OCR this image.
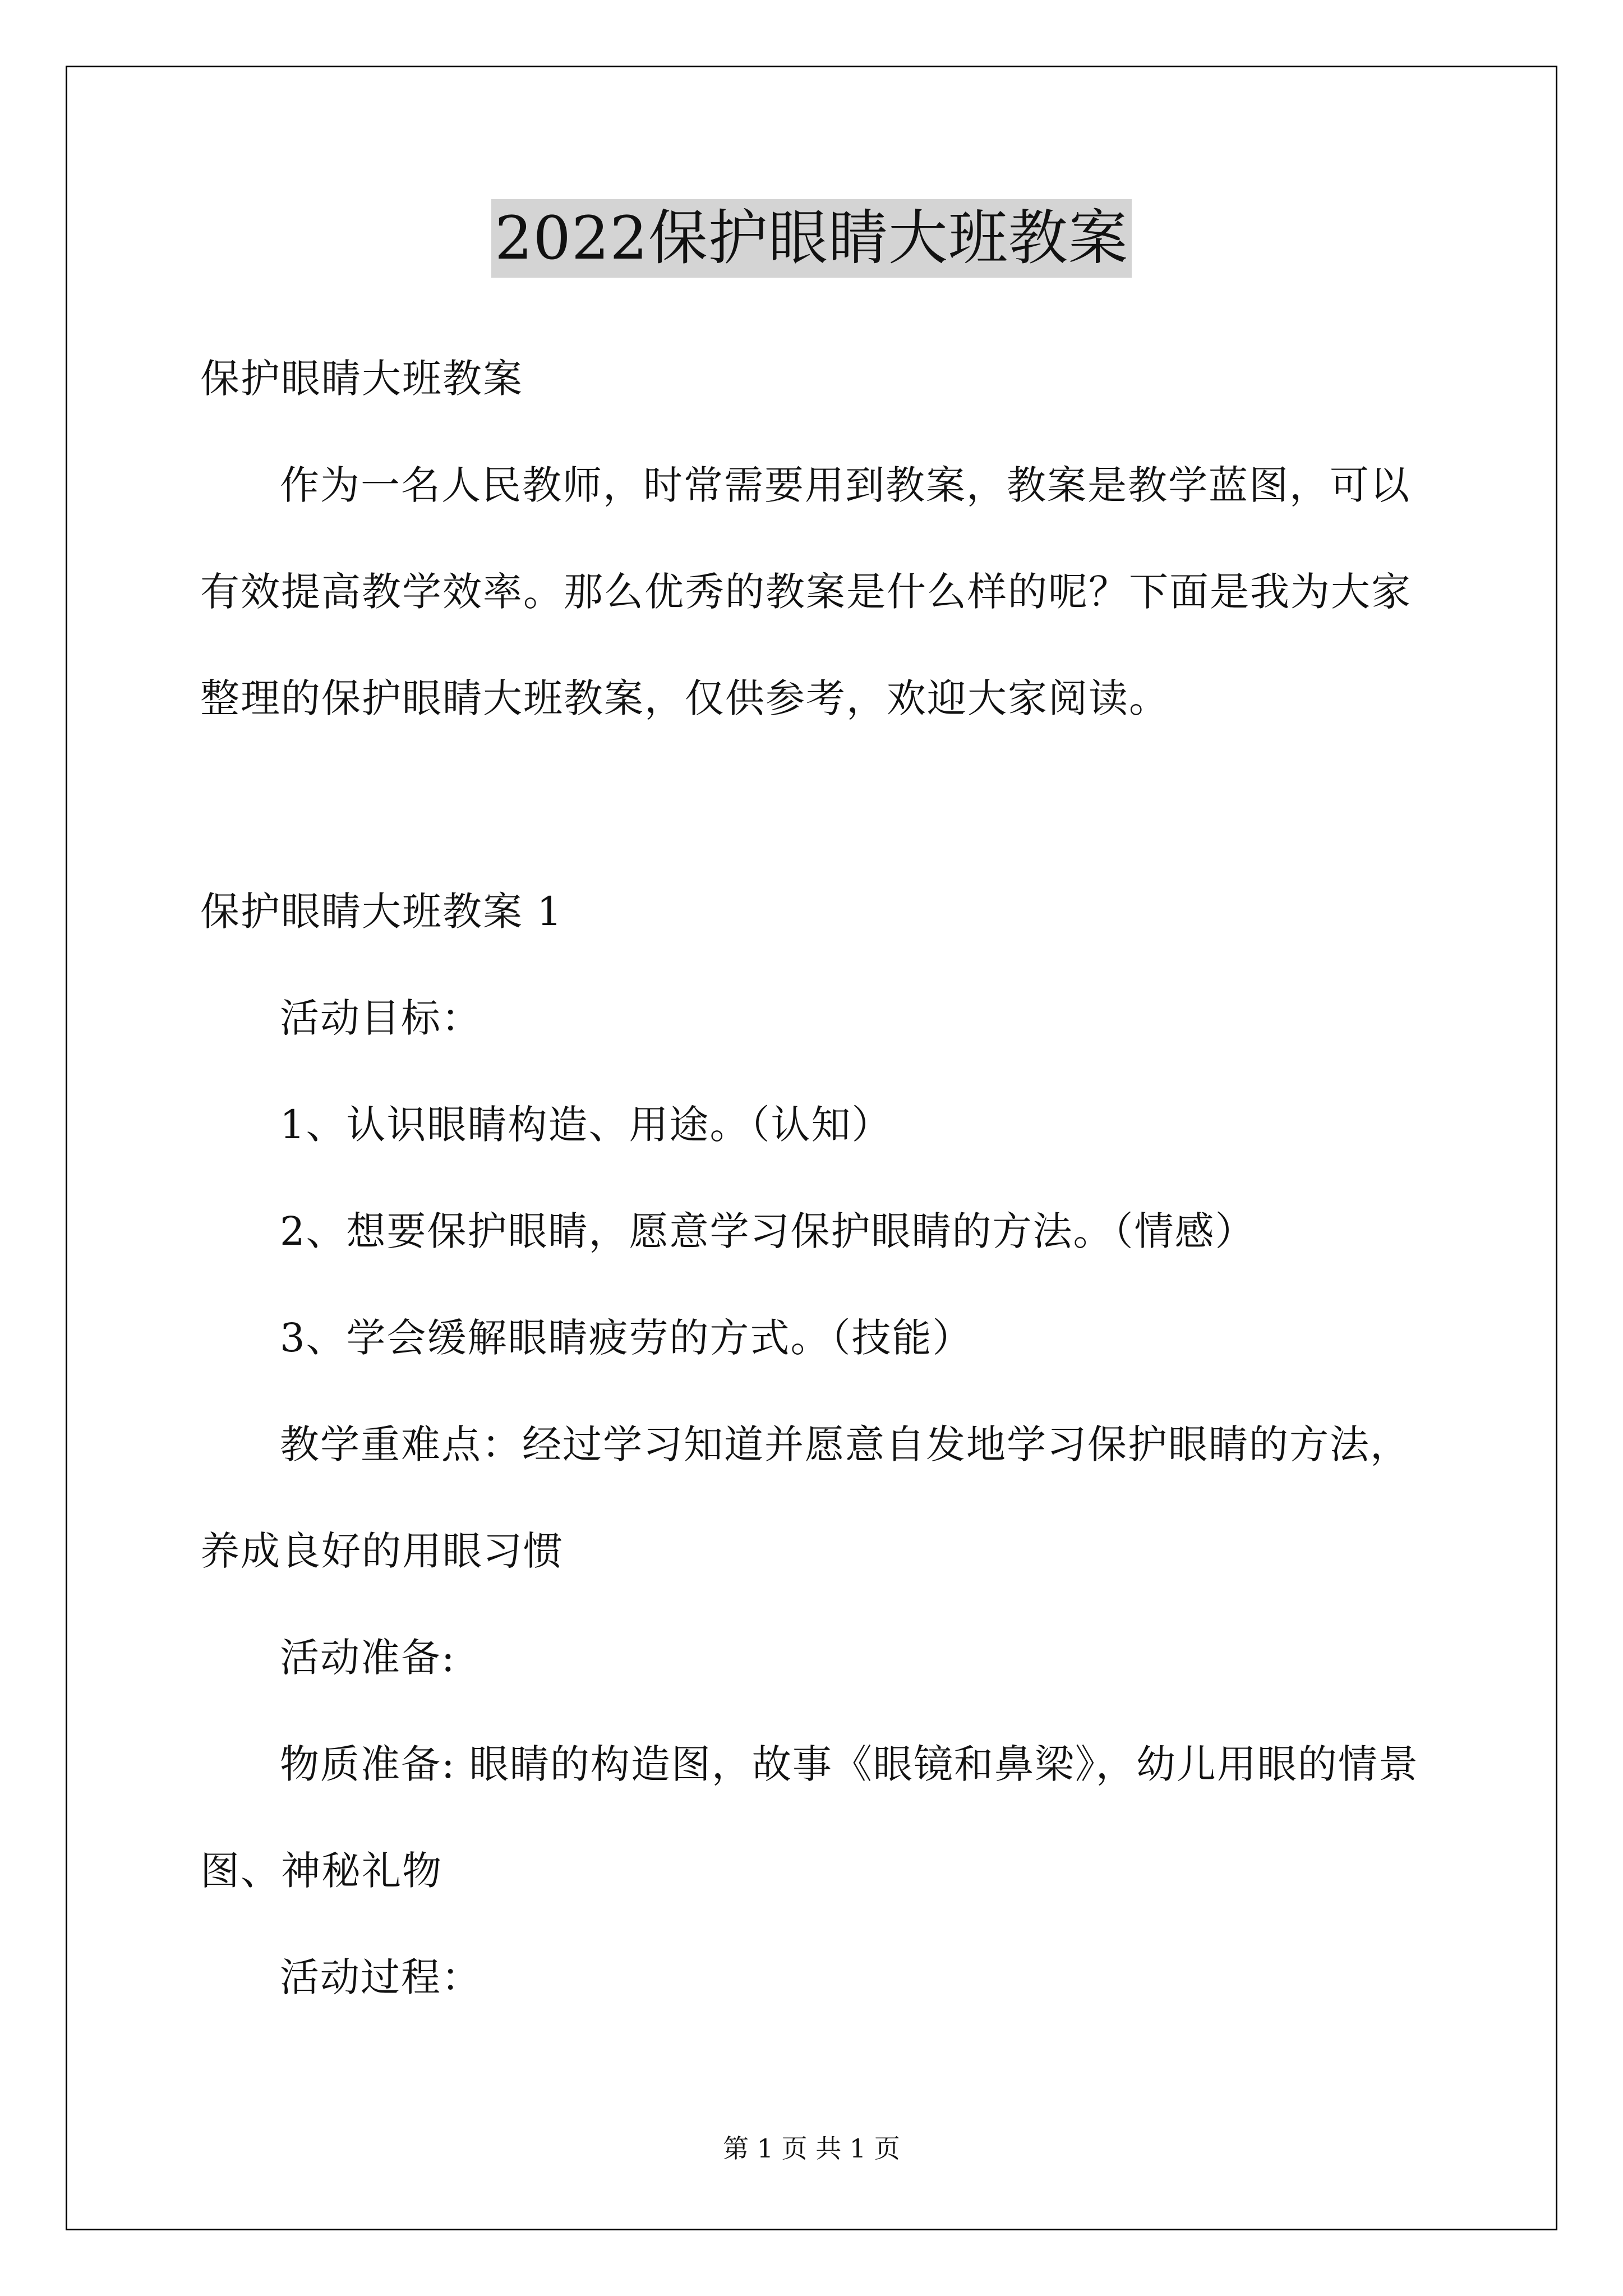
2022保护眼睛大班教案
保护眼睛大班教案
作为一名人民教师，时常需要用到教案，教案是教学蓝图，可以
有效提高教学效率。那么优秀的教案是什么样的呢？下面是我为大家
整理的保护眼睛大班教案，仅供参考，欢迎大家阅读。
保护眼睛大班教案 1
活动目标：
1、认识眼睛构造、用途。（认知）
2、想要保护眼睛，愿意学习保护眼睛的方法。（情感）
3、学会缓解眼睛疲劳的方式。（技能）
教学重难点：经过学习知道并愿意自发地学习保护眼睛的方法，
养成良好的用眼习惯
活动准备:
物质准备: 眼睛的构造图，故事《眼镜和鼻梁》，幼儿用眼的情景
图、神秘礼物
活动过程：
第 1 页 共 1 页
